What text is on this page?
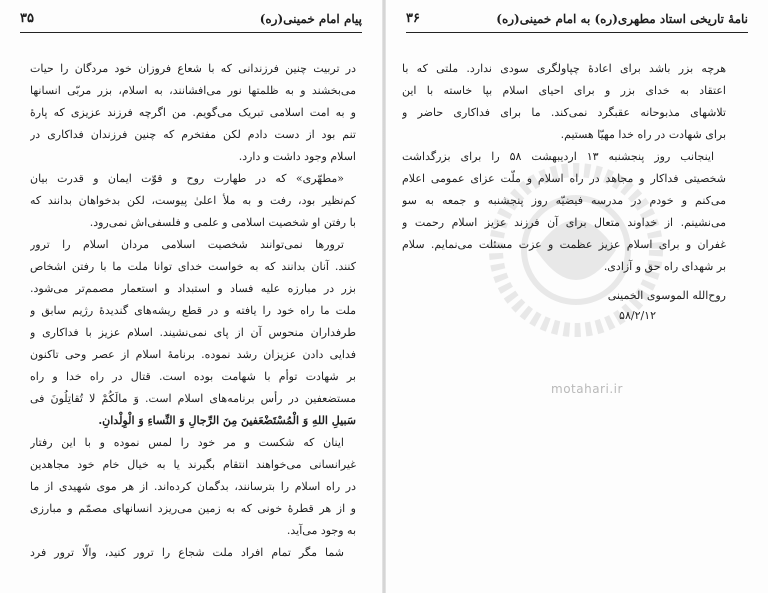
پیام امام خمینی(ره)
۳۵
در تربیت چنین فرزندانی که با شعاع فروزان خود مردگان را حیات
می‌بخشند و به ظلمتها نور می‌افشانند، به اسلام، بزر مربّی انسانها
و به امت اسلامی تبریک می‌گویم. من اگرچه فرزند عزیزی که پارهٔ
تنم بود از دست دادم لکن مفتخرم که چنین فرزندان فداکاری در
اسلام وجود داشت و دارد.
«مطهّری» که در طهارت روح و قوّت ایمان و قدرت بیان
کم‌نظیر بود، رفت و به ملأ اعلیٰ پیوست، لکن بدخواهان بدانند که
با رفتن او شخصیت اسلامی و علمی و فلسفی‌اش نمی‌رود.
ترورها نمی‌توانند شخصیت اسلامی مردان اسلام را ترور
کنند. آنان بدانند که به خواست خدای توانا ملت ما با رفتن اشخاص
بزر در مبارزه علیه فساد و استبداد و استعمار مصمم‌تر می‌شود.
ملت ما راه خود را یافته و در قطع ریشه‌های گندیدهٔ رژیم سابق و
طرفداران منحوس آن از پای نمی‌نشیند. اسلام عزیز با فداکاری و
فدایی دادن عزیزان رشد نموده. برنامهٔ اسلام از عصر وحی تاکنون
بر شهادت توأم با شهامت بوده است. قتال در راه خدا و راه
مستضعفین در رأس برنامه‌های اسلام است. وَ مالَکُمْ لا تُقاتِلُونَ فی
سَبیلِ اللهِ وَ الْمُسْتَضْعَفینَ مِنَ الرِّجالِ وَ النِّساءِ وَ الْوِلْدانِ.
اینان که شکست و مر خود را لمس نموده و با این رفتار
غیرانسانی می‌خواهند انتقام بگیرند یا به خیال خام خود مجاهدین
در راه اسلام را بترسانند، بدگمان کرده‌اند. از هر موی شهیدی از ما
و از هر قطرهٔ خونی که به زمین می‌ریزد انسانهای مصمّم و مبارزی
به وجود می‌آید.
شما مگر تمام افراد ملت شجاع را ترور کنید، والّا ترور فرد
نامهٔ تاریخی استاد مطهری(ره) به امام خمینی(ره)
۳۶
هرچه بزر باشد برای اعادهٔ چپاولگری سودی ندارد. ملتی که با
اعتقاد به خدای بزر و برای احیای اسلام بپا خاسته با این
تلاشهای مذبوحانه عقبگرد نمی‌کند. ما برای فداکاری حاضر و
برای شهادت در راه خدا مهیّا هستیم.
اینجانب روز پنجشنبه ۱۳ اردیبهشت ۵۸ را برای بزرگداشت
شخصیتی فداکار و مجاهد در راه اسلام و ملّت عزای عمومی اعلام
می‌کنم و خودم در مدرسه فیضیّه روز پنجشنبه و جمعه به سو
می‌نشینم. از خداوند متعال برای آن فرزند عزیز اسلام رحمت و
غفران و برای اسلام عزیز عظمت و عزت مسئلت می‌نمایم. سلام
بر شهدای راه حق و آزادی.
روح‌الله الموسوی الخمینی
۵۸/۲/۱۲
motahari.ir
